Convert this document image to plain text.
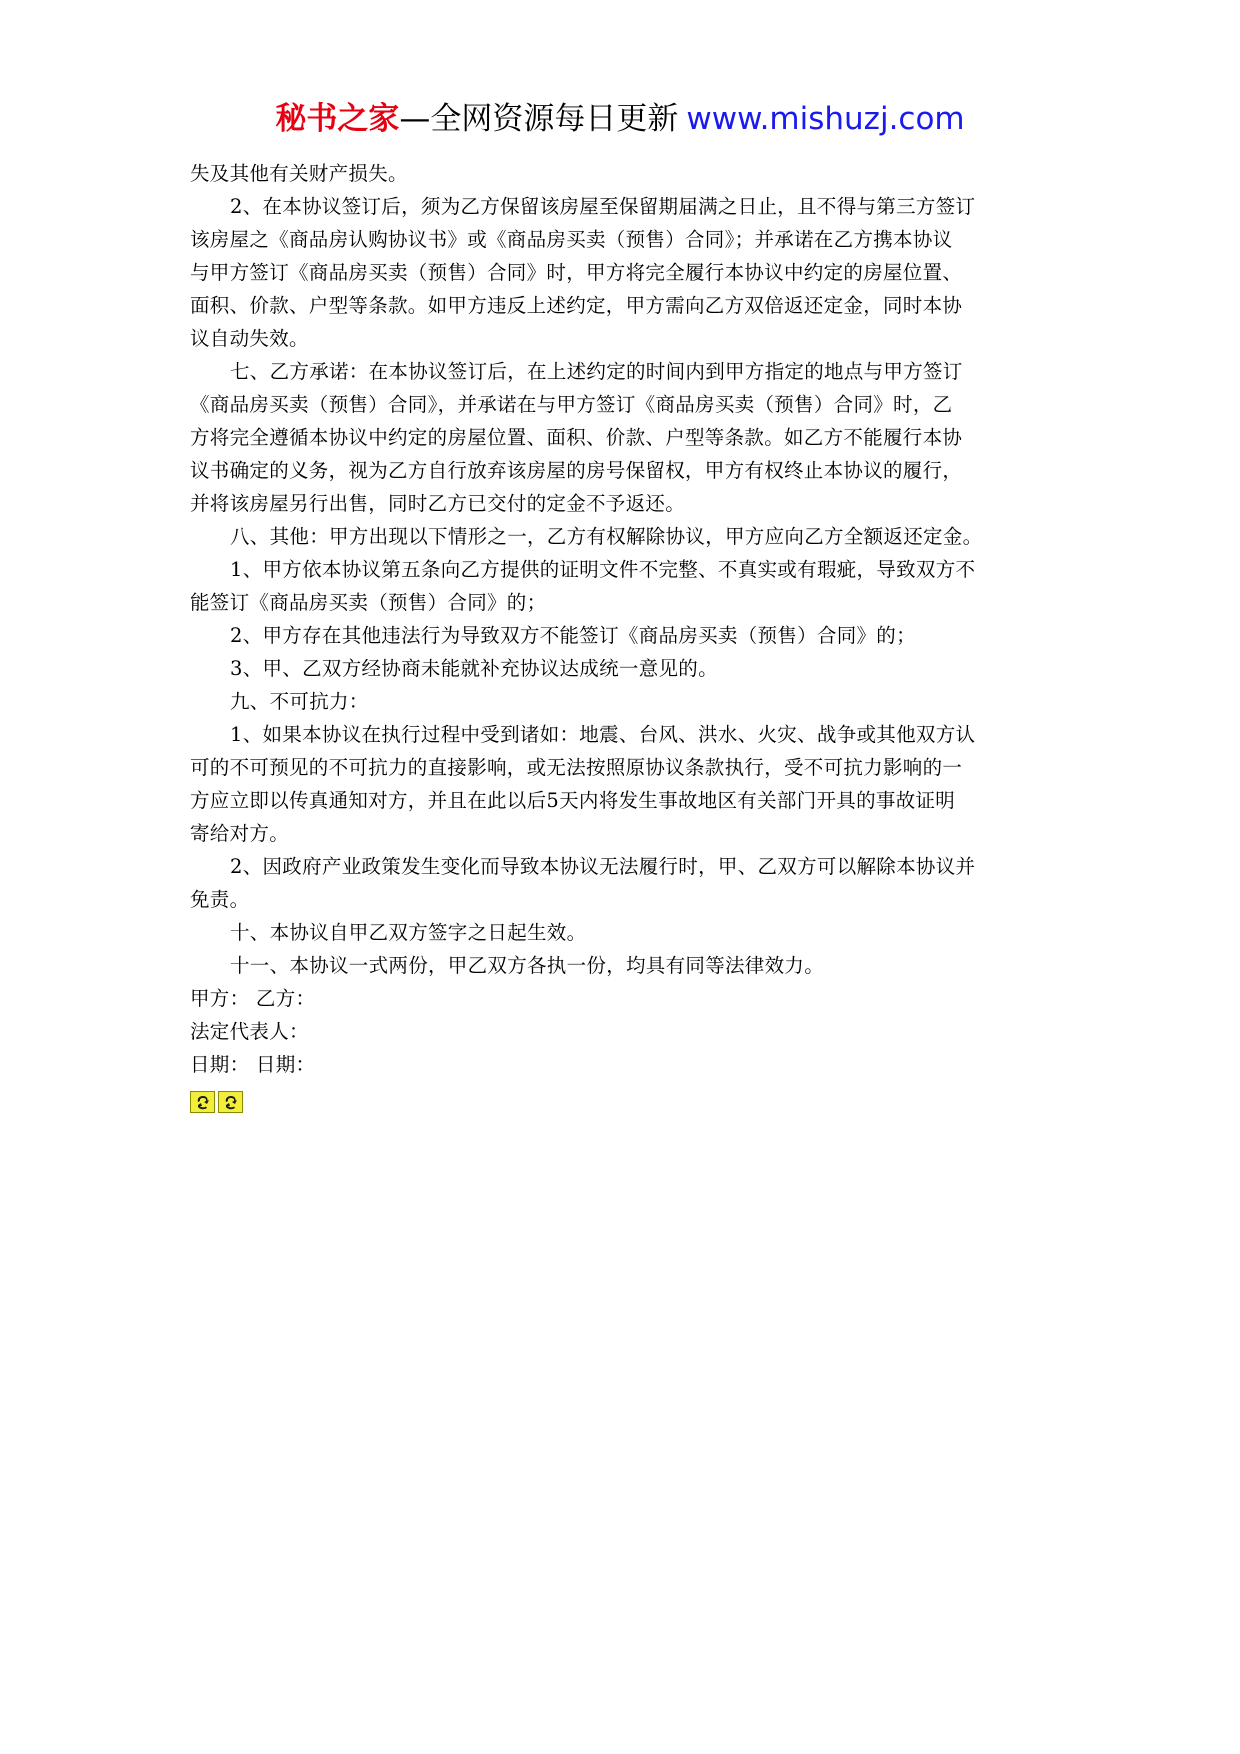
秘书之家—全网资源每日更新 www.mishuzj.com
失及其他有关财产损失。
2、在本协议签订后，须为乙方保留该房屋至保留期届满之日止，且不得与第三方签订
该房屋之《商品房认购协议书》或《商品房买卖（预售）合同》；并承诺在乙方携本协议
与甲方签订《商品房买卖（预售）合同》时，甲方将完全履行本协议中约定的房屋位置、
面积、价款、户型等条款。如甲方违反上述约定，甲方需向乙方双倍返还定金，同时本协
议自动失效。
七、乙方承诺：在本协议签订后，在上述约定的时间内到甲方指定的地点与甲方签订
《商品房买卖（预售）合同》，并承诺在与甲方签订《商品房买卖（预售）合同》时，乙
方将完全遵循本协议中约定的房屋位置、面积、价款、户型等条款。如乙方不能履行本协
议书确定的义务，视为乙方自行放弃该房屋的房号保留权，甲方有权终止本协议的履行，
并将该房屋另行出售，同时乙方已交付的定金不予返还。
八、其他：甲方出现以下情形之一，乙方有权解除协议，甲方应向乙方全额返还定金。
1、甲方依本协议第五条向乙方提供的证明文件不完整、不真实或有瑕疵，导致双方不
能签订《商品房买卖（预售）合同》的；
2、甲方存在其他违法行为导致双方不能签订《商品房买卖（预售）合同》的；
3、甲、乙双方经协商未能就补充协议达成统一意见的。
九、不可抗力：
1、如果本协议在执行过程中受到诸如：地震、台风、洪水、火灾、战争或其他双方认
可的不可预见的不可抗力的直接影响，或无法按照原协议条款执行，受不可抗力影响的一
方应立即以传真通知对方，并且在此以后5天内将发生事故地区有关部门开具的事故证明
寄给对方。
2、因政府产业政策发生变化而导致本协议无法履行时，甲、乙双方可以解除本协议并
免责。
十、本协议自甲乙双方签字之日起生效。
十一、本协议一式两份，甲乙双方各执一份，均具有同等法律效力。
甲方： 乙方：
法定代表人：
日期： 日期：
